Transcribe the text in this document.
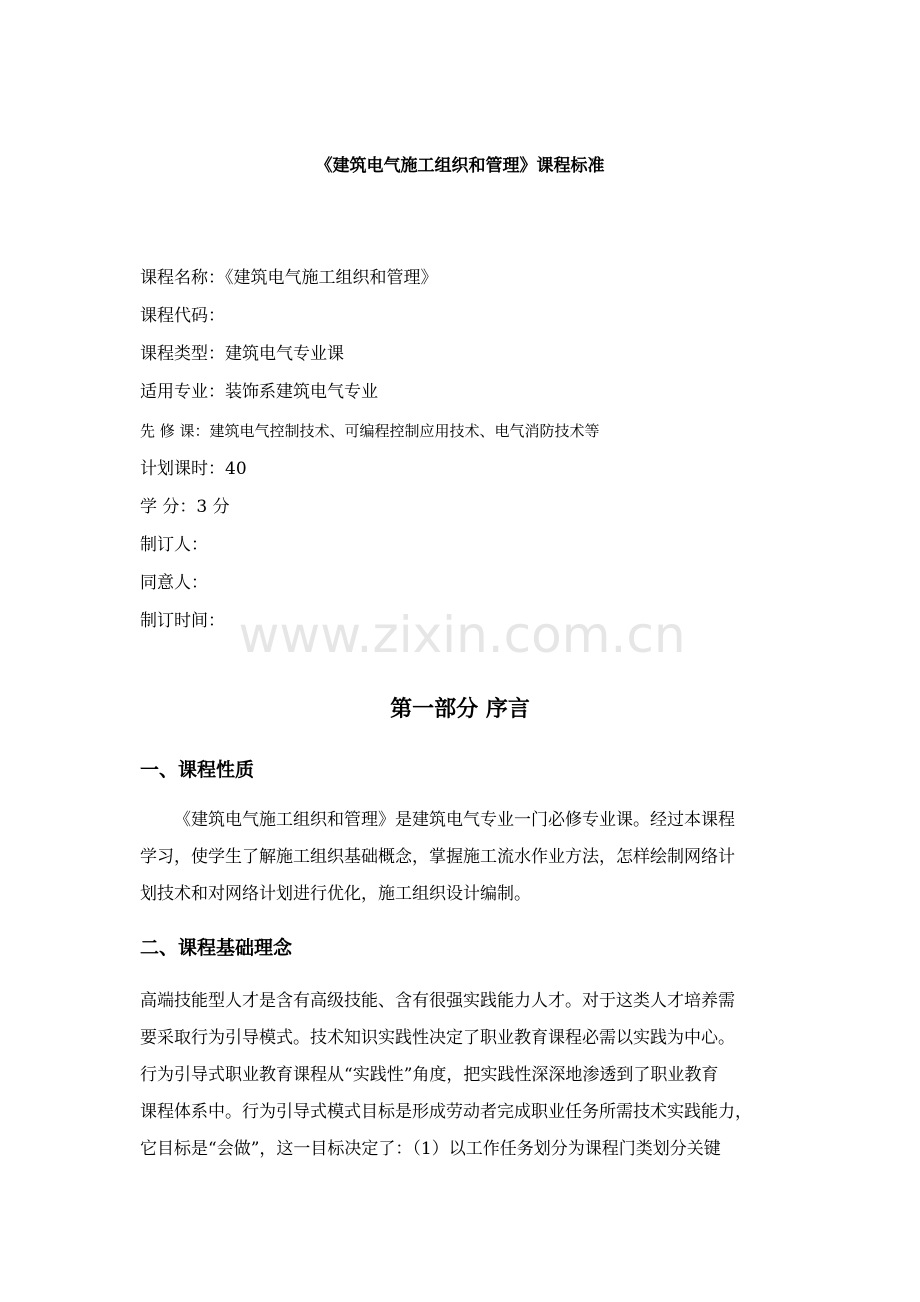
《建筑电气施工组织和管理》课程标准
课程名称：《建筑电气施工组织和管理》
课程代码：
课程类型：建筑电气专业课
适用专业：装饰系建筑电气专业
先 修 课：建筑电气控制技术、可编程控制应用技术、电气消防技术等
计划课时：40
学 分：3 分
制订人：
同意人：
制订时间： www.zixin.com.cn
第一部分 序言
一、课程性质
《建筑电气施工组织和管理》是建筑电气专业一门必修专业课。经过本课程
学习，使学生了解施工组织基础概念，掌握施工流水作业方法，怎样绘制网络计
划技术和对网络计划进行优化，施工组织设计编制。
二、课程基础理念
高端技能型人才是含有高级技能、含有很强实践能力人才。对于这类人才培养需
要采取行为引导模式。技术知识实践性决定了职业教育课程必需以实践为中心。
行为引导式职业教育课程从“实践性”角度，把实践性深深地渗透到了职业教育
课程体系中。行为引导式模式目标是形成劳动者完成职业任务所需技术实践能力，
它目标是“会做”，这一目标决定了：（1）以工作任务划分为课程门类划分关键
